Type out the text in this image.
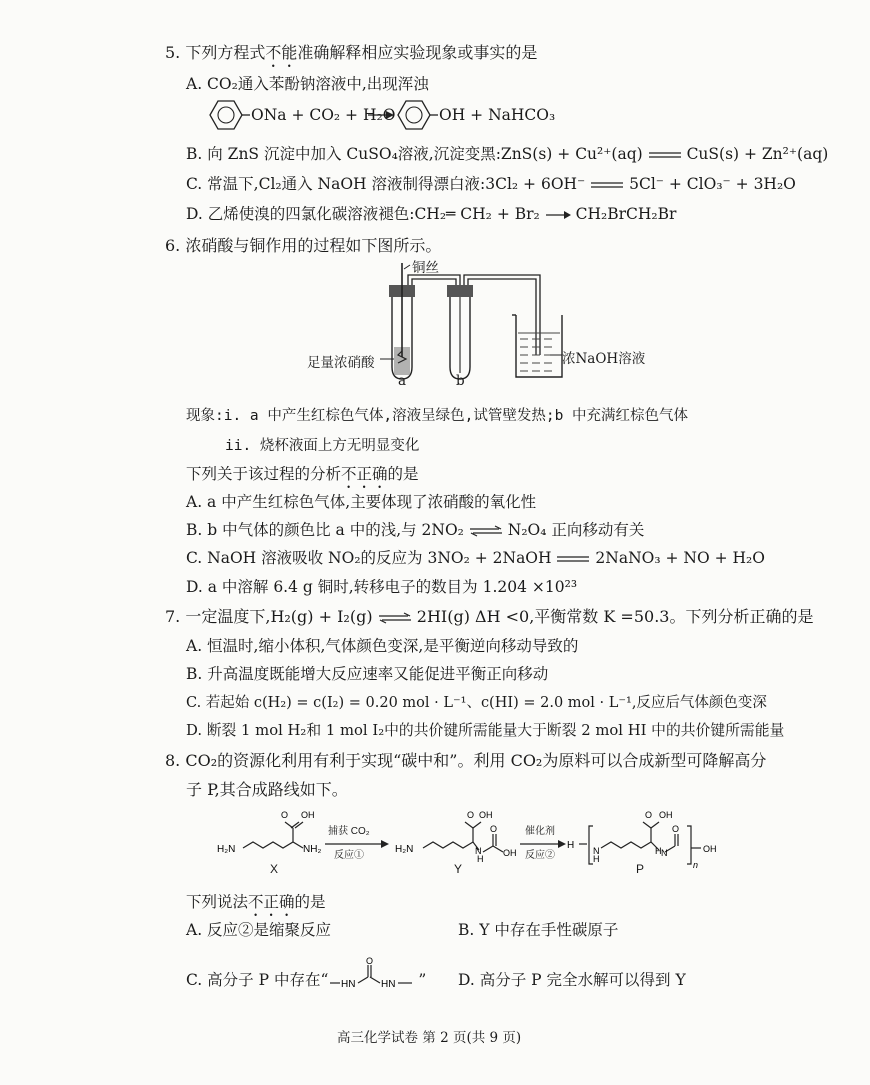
5. 下列方程式不能准确解释相应实验现象或事实的是
A. CO₂通入苯酚钠溶液中,出现浑浊
ONa + CO₂ + H₂O	OH + NaHCO₃
B. 向 ZnS 沉淀中加入 CuSO₄溶液,沉淀变黑:ZnS(s) + Cu²⁺(aq)	CuS(s) + Zn²⁺(aq)
C. 常温下,Cl₂通入 NaOH 溶液制得漂白液:3Cl₂ + 6OH⁻	5Cl⁻ + ClO₃⁻ + 3H₂O
D. 乙烯使溴的四氯化碳溶液褪色:CH₂═ CH₂ + Br₂ → CH₂BrCH₂Br
6. 浓硝酸与铜作用的过程如下图所示。
铜丝
足量浓硝酸	浓NaOH溶液
a	b
现象:i. a 中产生红棕色气体,溶液呈绿色,试管壁发热;b 中充满红棕色气体
ii. 烧杯液面上方无明显变化
下列关于该过程的分析不正确的是
A. a 中产生红棕色气体,主要体现了浓硝酸的氧化性
B. b 中气体的颜色比 a 中的浅,与 2NO₂ ⇌ N₂O₄ 正向移动有关
C. NaOH 溶液吸收 NO₂的反应为 3NO₂ + 2NaOH	2NaNO₃ + NO + H₂O
D. a 中溶解 6.4 g 铜时,转移电子的数目为 1.204 ×10²³
7. 一定温度下,H₂(g) + I₂(g) ⇌ 2HI(g) ΔH <0,平衡常数 K =50.3。下列分析正确的是
A. 恒温时,缩小体积,气体颜色变深,是平衡逆向移动导致的
B. 升高温度既能增大反应速率又能促进平衡正向移动
C. 若起始 c(H₂) = c(I₂) = 0.20 mol · L⁻¹、c(HI) = 2.0 mol · L⁻¹,反应后气体颜色变深
D. 断裂 1 mol H₂和 1 mol I₂中的共价键所需能量大于断裂 2 mol HI 中的共价键所需能量
8. CO₂的资源化利用有利于实现“碳中和”。利用 CO₂为原料可以合成新型可降解高分
子 P,其合成路线如下。
H₂N	NH₂
O OH
H₂N
O OH
H
N
O
OH
H N
H
O OH
H N
O
n
OH
捕获 CO₂
反应①
催化剂
反应②
X	Y	P
下列说法不正确的是
A. 反应②是缩聚反应	B. Y 中存在手性碳原子
C. 高分子 P 中存在“ HN
O
HN ” D. 高分子 P 完全水解可以得到 Y
高三化学试卷 第 2 页(共 9 页)
